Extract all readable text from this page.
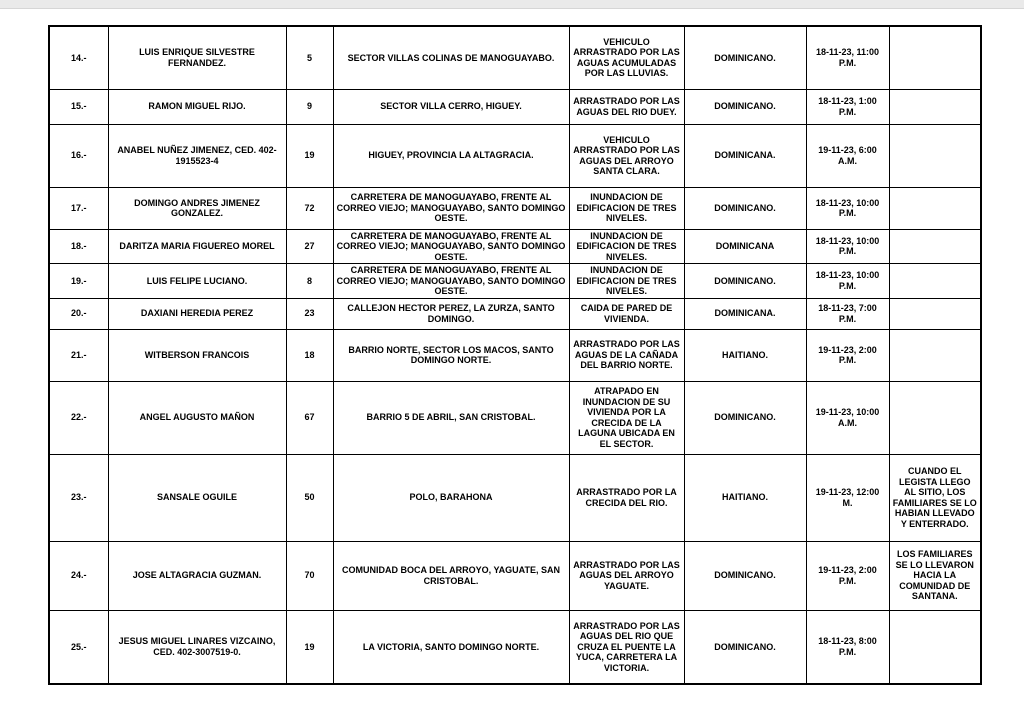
14.-	LUIS ENRIQUE SILVESTRE FERNANDEZ.	5	SECTOR VILLAS COLINAS DE MANOGUAYABO.	VEHICULO ARRASTRADO POR LAS AGUAS ACUMULADAS POR LAS LLUVIAS.	DOMINICANO.	18-11-23, 11:00 P.M.	
15.-	RAMON MIGUEL RIJO.	9	SECTOR VILLA CERRO, HIGUEY.	ARRASTRADO POR LAS AGUAS DEL RIO DUEY.	DOMINICANO.	18-11-23, 1:00 P.M.	
16.-	ANABEL NUÑEZ JIMENEZ, CED. 402-1915523-4	19	HIGUEY, PROVINCIA LA ALTAGRACIA.	VEHICULO ARRASTRADO POR LAS AGUAS DEL ARROYO SANTA CLARA.	DOMINICANA.	19-11-23, 6:00 A.M.	
17.-	DOMINGO ANDRES JIMENEZ GONZALEZ.	72	CARRETERA DE MANOGUAYABO, FRENTE AL CORREO VIEJO; MANOGUAYABO, SANTO DOMINGO OESTE.	INUNDACION DE EDIFICACION DE TRES NIVELES.	DOMINICANO.	18-11-23, 10:00 P.M.	
18.-	DARITZA MARIA FIGUEREO MOREL	27	CARRETERA DE MANOGUAYABO, FRENTE AL CORREO VIEJO; MANOGUAYABO, SANTO DOMINGO OESTE.	INUNDACION DE EDIFICACION DE TRES NIVELES.	DOMINICANA	18-11-23, 10:00 P.M.	
19.-	LUIS FELIPE LUCIANO.	8	CARRETERA DE MANOGUAYABO, FRENTE AL CORREO VIEJO; MANOGUAYABO, SANTO DOMINGO OESTE.	INUNDACION DE EDIFICACION DE TRES NIVELES.	DOMINICANO.	18-11-23, 10:00 P.M.	
20.-	DAXIANI HEREDIA PEREZ	23	CALLEJON HECTOR PEREZ, LA ZURZA, SANTO DOMINGO.	CAIDA DE PARED DE VIVIENDA.	DOMINICANA.	18-11-23, 7:00 P.M.	
21.-	WITBERSON FRANCOIS	18	BARRIO NORTE, SECTOR LOS MACOS, SANTO DOMINGO NORTE.	ARRASTRADO POR LAS AGUAS DE LA CAÑADA DEL BARRIO NORTE.	HAITIANO.	19-11-23, 2:00 P.M.	
22.-	ANGEL AUGUSTO MAÑON	67	BARRIO 5 DE ABRIL, SAN CRISTOBAL.	ATRAPADO EN INUNDACION DE SU VIVIENDA POR LA CRECIDA DE LA LAGUNA UBICADA EN EL SECTOR.	DOMINICANO.	19-11-23, 10:00 A.M.	
23.-	SANSALE OGUILE	50	POLO, BARAHONA	ARRASTRADO POR LA CRECIDA DEL RIO.	HAITIANO.	19-11-23, 12:00 M.	CUANDO EL LEGISTA LLEGO AL SITIO, LOS FAMILIARES SE LO HABIAN LLEVADO Y ENTERRADO.
24.-	JOSE ALTAGRACIA GUZMAN.	70	COMUNIDAD BOCA DEL ARROYO, YAGUATE, SAN CRISTOBAL.	ARRASTRADO POR LAS AGUAS DEL ARROYO YAGUATE.	DOMINICANO.	19-11-23, 2:00 P.M.	LOS FAMILIARES SE LO LLEVARON HACIA LA COMUNIDAD DE SANTANA.
25.-	JESUS MIGUEL LINARES VIZCAINO, CED. 402-3007519-0.	19	LA VICTORIA, SANTO DOMINGO NORTE.	ARRASTRADO POR LAS AGUAS DEL RIO QUE CRUZA EL PUENTE LA YUCA, CARRETERA LA VICTORIA.	DOMINICANO.	18-11-23, 8:00 P.M.	
